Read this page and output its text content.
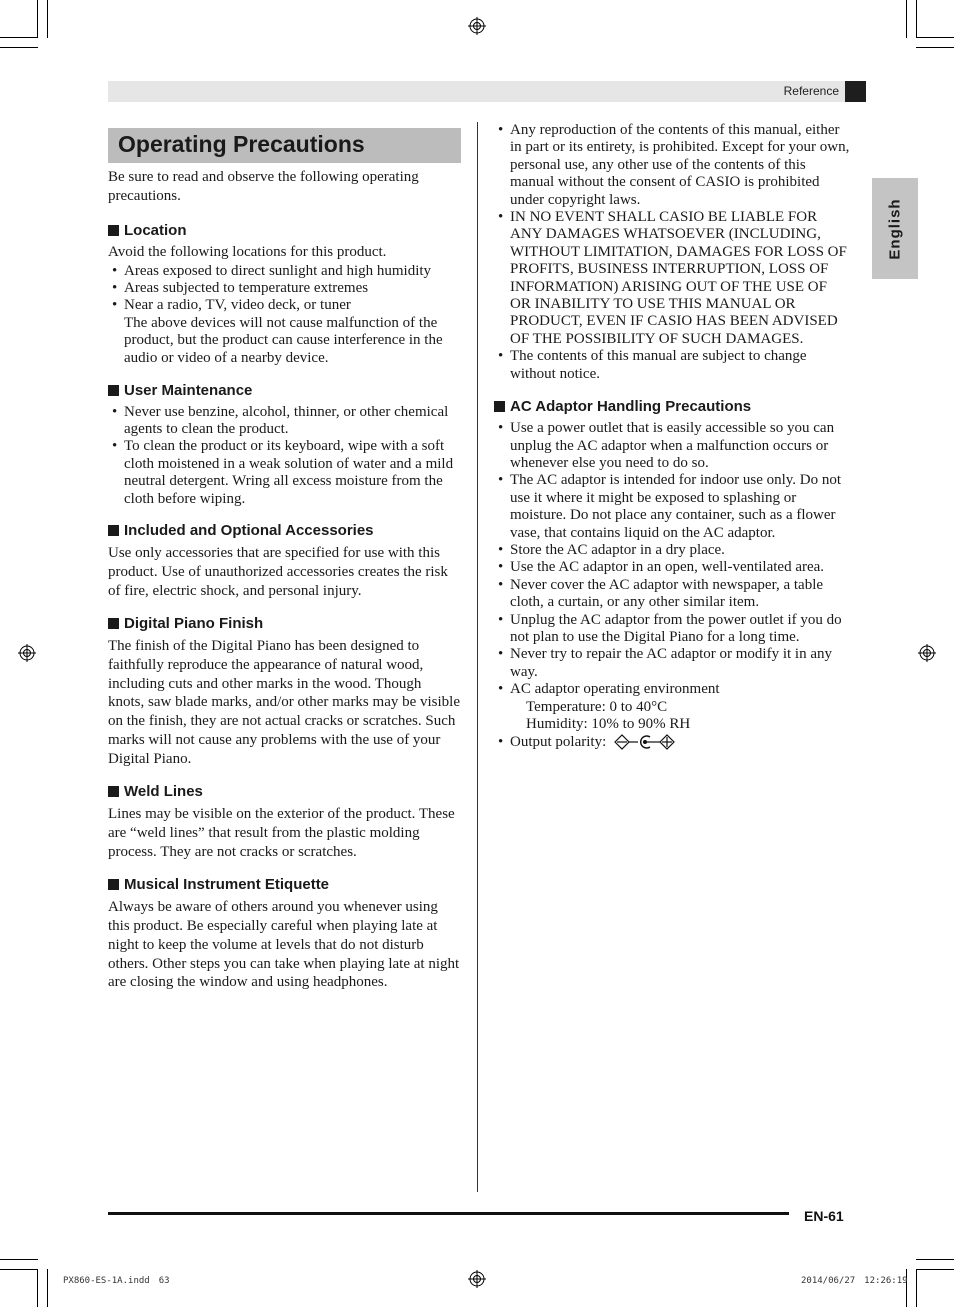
Reference
English
Operating Precautions

Be sure to read and observe the following operating precautions.

Location

Avoid the following locations for this product.

• Areas exposed to direct sunlight and high humidity
• Areas subjected to temperature extremes
• Near a radio, TV, video deck, or tuner

The above devices will not cause malfunction of the product, but the product can cause interference in the audio or video of a nearby device.

User Maintenance
• Never use benzine, alcohol, thinner, or other chemical agents to clean the product.
• To clean the product or its keyboard, wipe with a soft cloth moistened in a weak solution of water and a mild neutral detergent. Wring all excess moisture from the cloth before wiping.
Included and Optional Accessories

Use only accessories that are specified for use with this product. Use of unauthorized accessories creates the risk of fire, electric shock, and personal injury.

Digital Piano Finish

The finish of the Digital Piano has been designed to faithfully reproduce the appearance of natural wood, including cuts and other marks in the wood. Though knots, saw blade marks, and/or other marks may be visible on the finish, they are not actual cracks or scratches. Such marks will not cause any problems with the use of your Digital Piano.

Weld Lines

Lines may be visible on the exterior of the product. These are “weld lines” that result from the plastic molding process. They are not cracks or scratches.

Musical Instrument Etiquette

Always be aware of others around you whenever using this product. Be especially careful when playing late at night to keep the volume at levels that do not disturb others. Other steps you can take when playing late at night are closing the window and using headphones.

• Any reproduction of the contents of this manual, either in part or its entirety, is prohibited. Except for your own, personal use, any other use of the contents of this manual without the consent of CASIO is prohibited under copyright laws.
• IN NO EVENT SHALL CASIO BE LIABLE FOR ANY DAMAGES WHATSOEVER (INCLUDING, WITHOUT LIMITATION, DAMAGES FOR LOSS OF PROFITS, BUSINESS INTERRUPTION, LOSS OF INFORMATION) ARISING OUT OF THE USE OF OR INABILITY TO USE THIS MANUAL OR PRODUCT, EVEN IF CASIO HAS BEEN ADVISED OF THE POSSIBILITY OF SUCH DAMAGES.
• The contents of this manual are subject to change without notice.
AC Adaptor Handling Precautions
• Use a power outlet that is easily accessible so you can unplug the AC adaptor when a malfunction occurs or whenever else you need to do so.
• The AC adaptor is intended for indoor use only. Do not use it where it might be exposed to splashing or moisture. Do not place any container, such as a flower vase, that contains liquid on the AC adaptor.
• Store the AC adaptor in a dry place.
• Use the AC adaptor in an open, well-ventilated area.
• Never cover the AC adaptor with newspaper, a table cloth, a curtain, or any other similar item.
• Unplug the AC adaptor from the power outlet if you do not plan to use the Digital Piano for a long time.
• Never try to repair the AC adaptor or modify it in any way.
• AC adaptor operating environment

Temperature: 0 to 40°C

Humidity: 10% to 90% RH

• Output polarity:
EN-61
PX860-ES-1A.indd　63	2014/06/27　12:26:19
